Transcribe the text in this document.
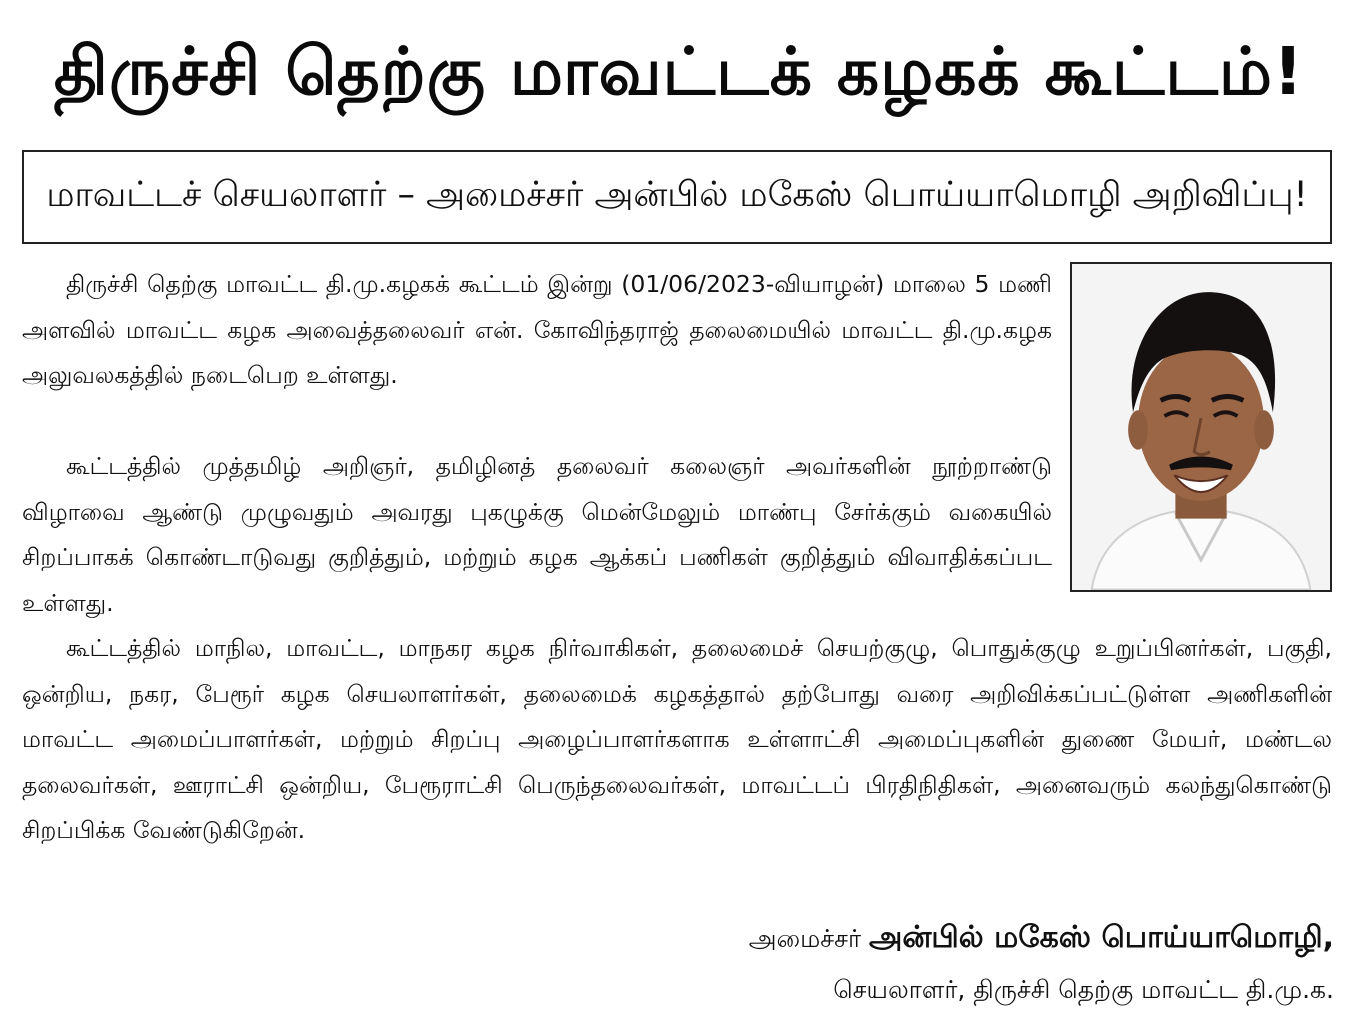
திருச்சி தெற்கு மாவட்டக் கழகக் கூட்டம்!
மாவட்டச் செயலாளர் – அமைச்சர் அன்பில் மகேஸ் பொய்யாமொழி அறிவிப்பு!

திருச்சி தெற்கு மாவட்ட தி.மு.கழகக் கூட்டம் இன்று (01/06/2023-வியாழன்) மாலை 5 மணி அளவில் மாவட்ட கழக அவைத்தலைவர் என். கோவிந்தராஜ் தலைமையில் மாவட்ட தி.மு.கழக அலுவலகத்தில் நடைபெற உள்ளது.

கூட்டத்தில் முத்தமிழ் அறிஞர், தமிழினத் தலைவர் கலைஞர் அவர்களின் நூற்றாண்டு விழாவை ஆண்டு முழுவதும் அவரது புகழுக்கு மென்மேலும் மாண்பு சேர்க்கும் வகையில் சிறப்பாகக் கொண்டாடுவது குறித்தும், மற்றும் கழக ஆக்கப் பணிகள் குறித்தும் விவாதிக்கப்பட உள்ளது.

கூட்டத்தில் மாநில, மாவட்ட, மாநகர கழக நிர்வாகிகள், தலைமைச் செயற்குழு, பொதுக்குழு உறுப்பினர்கள், பகுதி, ஒன்றிய, நகர, பேரூர் கழக செயலாளர்கள், தலைமைக் கழகத்தால் தற்போது வரை அறிவிக்கப்பட்டுள்ள அணிகளின் மாவட்ட அமைப்பாளர்கள், மற்றும் சிறப்பு அழைப்பாளர்களாக உள்ளாட்சி அமைப்புகளின் துணை மேயர், மண்டல தலைவர்கள், ஊராட்சி ஒன்றிய, பேரூராட்சி பெருந்தலைவர்கள், மாவட்டப் பிரதிநிதிகள், அனைவரும் கலந்துகொண்டு சிறப்பிக்க வேண்டுகிறேன்.

அமைச்சர் அன்பில் மகேஸ் பொய்யாமொழி,
செயலாளர், திருச்சி தெற்கு மாவட்ட தி.மு.க.
